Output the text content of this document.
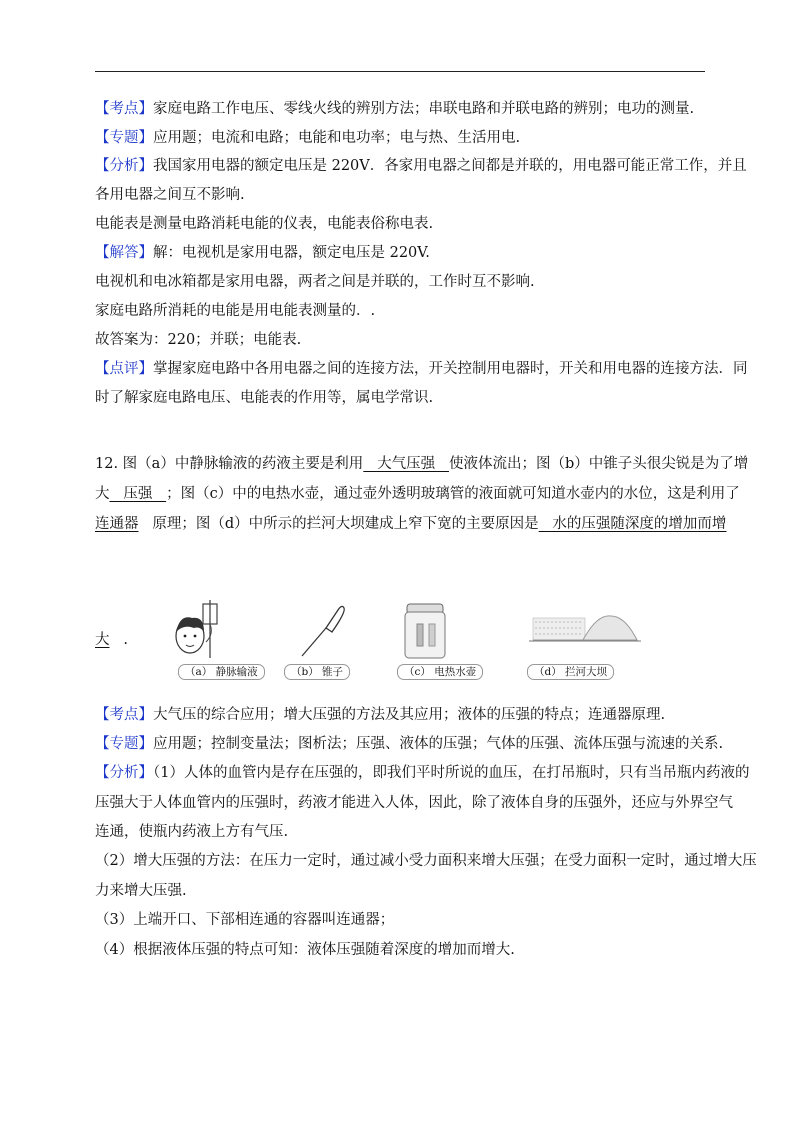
【考点】家庭电路工作电压、零线火线的辨别方法；串联电路和并联电路的辨别；电功的测量.
【专题】应用题；电流和电路；电能和电功率；电与热、生活用电.
【分析】我国家用电器的额定电压是 220V．各家用电器之间都是并联的，用电器可能正常工作，并且
各用电器之间互不影响.
电能表是测量电路消耗电能的仪表，电能表俗称电表.
【解答】解：电视机是家用电器，额定电压是 220V.
电视机和电冰箱都是家用电器，两者之间是并联的，工作时互不影响.
家庭电路所消耗的电能是用电能表测量的．.
故答案为：220；并联；电能表.
【点评】掌握家庭电路中各用电器之间的连接方法，开关控制用电器时，开关和用电器的连接方法．同
时了解家庭电路电压、电能表的作用等，属电学常识.
12. 图（a）中静脉输液的药液主要是利用   大气压强   使液体流出；图（b）中锥子头很尖锐是为了增
大   压强   ；图（c）中的电热水壶，通过壶外透明玻璃管的液面就可知道水壶内的水位，这是利用了
连通器   原理；图（d）中所示的拦河大坝建成上窄下宽的主要原因是   水的压强随深度的增加而增
大   .
（a） 静脉输液	（b） 锥子	（c） 电热水壶	（d） 拦河大坝
【考点】大气压的综合应用；增大压强的方法及其应用；液体的压强的特点；连通器原理.
【专题】应用题；控制变量法；图析法；压强、液体的压强；气体的压强、流体压强与流速的关系.
【分析】（1）人体的血管内是存在压强的，即我们平时所说的血压，在打吊瓶时，只有当吊瓶内药液的
压强大于人体血管内的压强时，药液才能进入人体，因此，除了液体自身的压强外，还应与外界空气
连通，使瓶内药液上方有气压.
（2）增大压强的方法：在压力一定时，通过减小受力面积来增大压强；在受力面积一定时，通过增大压
力来增大压强.
（3）上端开口、下部相连通的容器叫连通器；
（4）根据液体压强的特点可知：液体压强随着深度的增加而增大.
